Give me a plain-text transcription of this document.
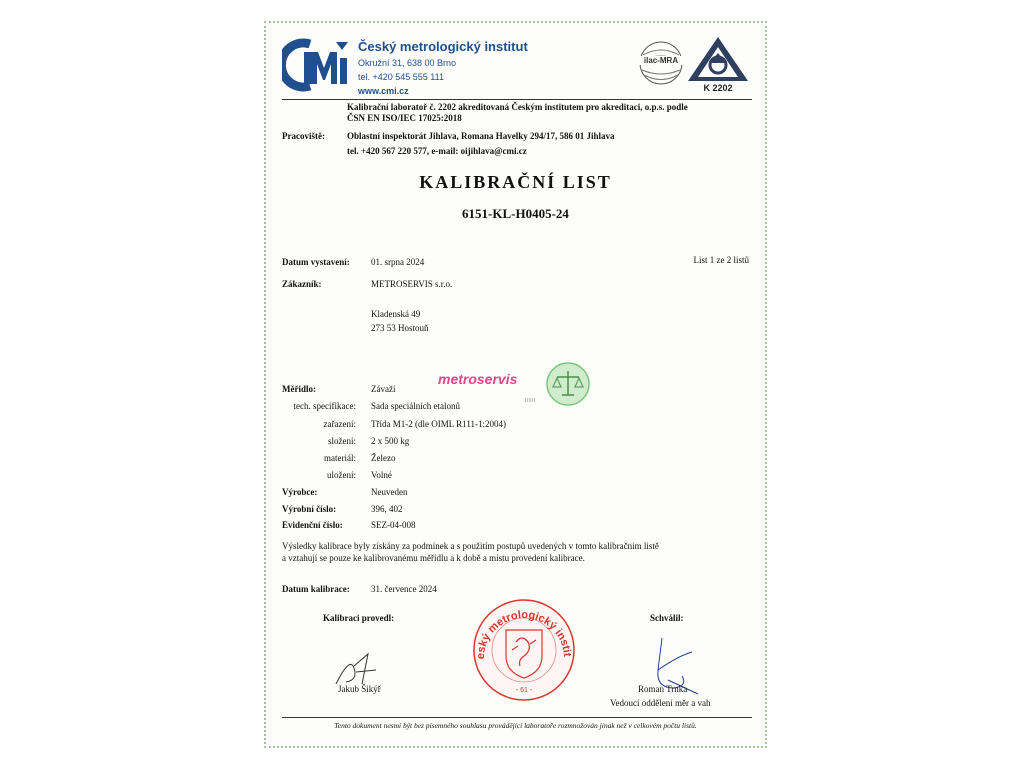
Český metrologický institut
Okružní 31, 638 00 Brno
tel. +420 545 555 111
www.cmi.cz
ilac-MRA
K 2202
Kalibrační laboratoř č. 2202 akreditovaná Českým institutem pro akreditaci, o.p.s. podle
ČSN EN ISO/IEC 17025:2018
Pracoviště: Oblastní inspektorát Jihlava, Romana Havelky 294/17, 586 01 Jihlava
tel. +420 567 220 577, e-mail: oijihlava@cmi.cz
KALIBRAČNÍ LIST
6151-KL-H0405-24
Datum vystavení: 01. srpna 2024	List 1 ze 2 listů
Zákazník:	METROSERVIS s.r.o.
Kladenská 49
273 53 Hostouň
metroservis
1001
Měřidlo:	Závaží
tech. specifikace: Sada speciálních etalonů
zařazení: Třída M1-2 (dle OIML R111-1:2004)
složení: 2 x 500 kg
materiál: Železo
uložení: Volné
Výrobce:	Neuveden
Výrobní číslo:	396, 402
Evidenční číslo:	SEZ-04-008
Výsledky kalibrace byly získány za podmínek a s použitím postupů uvedených v tomto kalibračním listě
a vztahují se pouze ke kalibrovanému měřidlu a k době a místu provedení kalibrace.
Datum kalibrace: 31. července 2024
Kalibraci provedl:	Schválil:
Jakub Šikýř	Roman Trnka
Vedoucí oddělení měr a vah
eský metrologický instit
- 61 -
Tento dokument nesmí být bez písemného souhlasu provádějící laboratoře rozmnožován jinak než v celkovém počtu listů.
